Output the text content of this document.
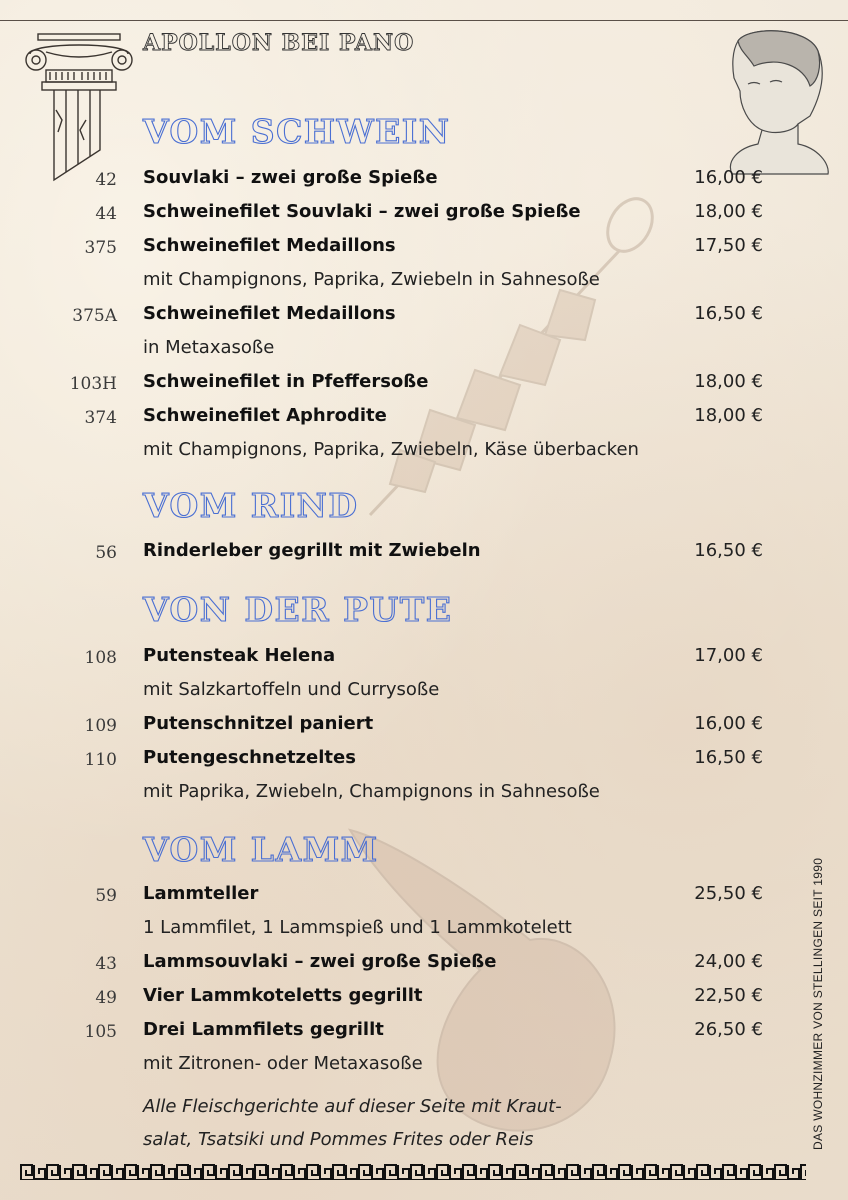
APOLLON BEI PANO
VOM SCHWEIN
42 Souvlaki – zwei große Spieße	16,00 €
44 Schweinefilet Souvlaki – zwei große Spieße	18,00 €
375 Schweinefilet Medaillons	17,50 €
mit Champignons, Paprika, Zwiebeln in Sahnesoße
375A Schweinefilet Medaillons	16,50 €
in Metaxasoße
103H Schweinefilet in Pfeffersoße	18,00 €
374 Schweinefilet Aphrodite	18,00 €
mit Champignons, Paprika, Zwiebeln, Käse überbacken
VOM RIND
56 Rinderleber gegrillt mit Zwiebeln	16,50 €
VON DER PUTE
108 Putensteak Helena	17,00 €
mit Salzkartoffeln und Currysoße
109 Putenschnitzel paniert	16,00 €
110 Putengeschnetzeltes	16,50 €
mit Paprika, Zwiebeln, Champignons in Sahnesoße
VOM LAMM
59 Lammteller	25,50 €
1 Lammfilet, 1 Lammspieß und 1 Lammkotelett
43 Lammsouvlaki – zwei große Spieße	24,00 €
49 Vier Lammkoteletts gegrillt	22,50 €
105 Drei Lammfilets gegrillt	26,50 €
mit Zitronen- oder Metaxasoße
Alle Fleischgerichte auf dieser Seite mit Kraut-
salat, Tsatsiki und Pommes Frites oder Reis	DAS WOHNZIMMER VON STELLINGEN SEIT 1990
